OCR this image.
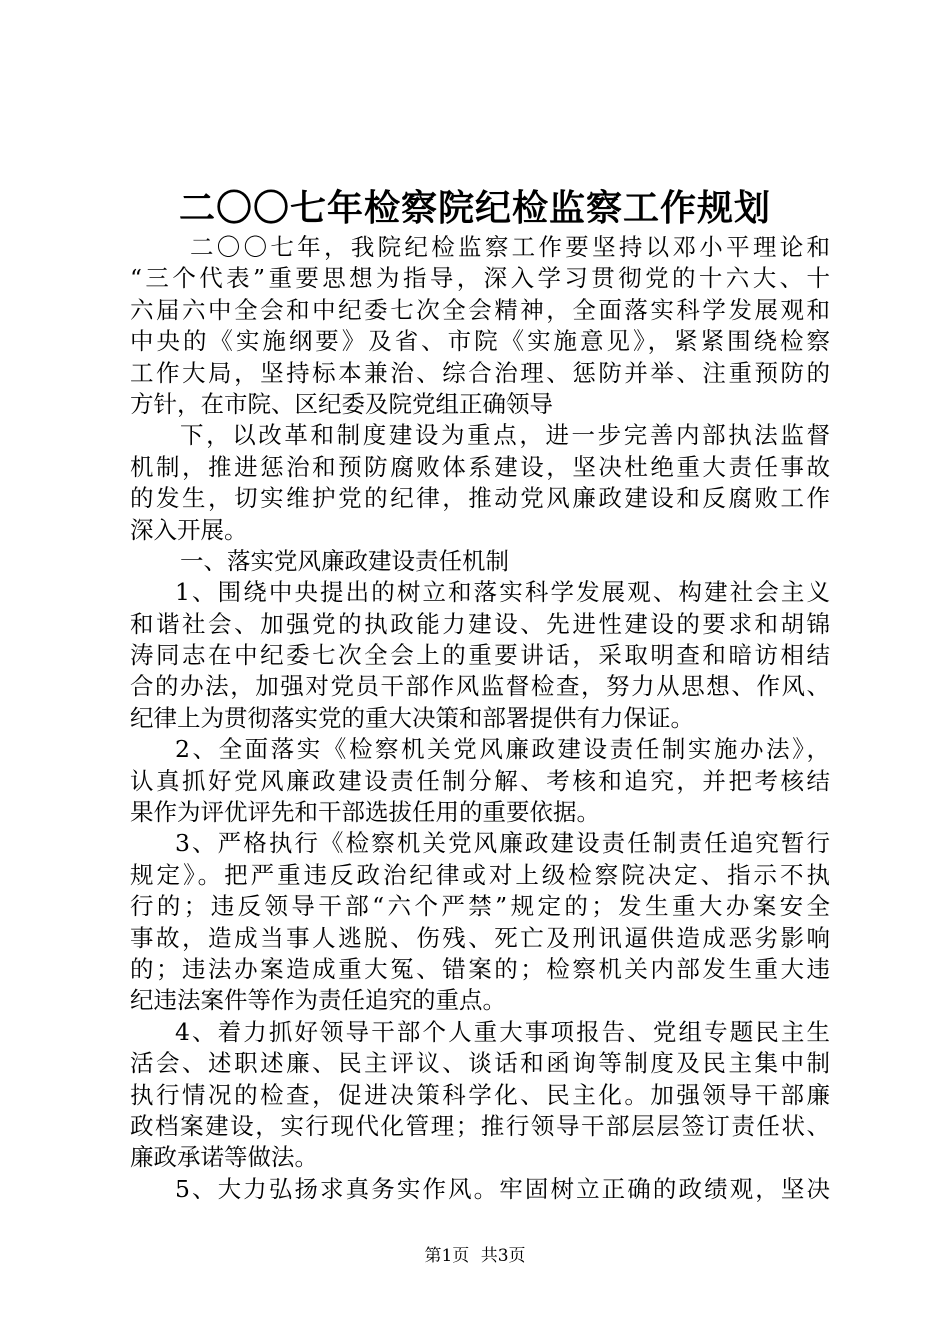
二〇〇七年检察院纪检监察工作规划
二〇〇七年，我院纪检监察工作要坚持以邓小平理论和
“三个代表”重要思想为指导，深入学习贯彻党的十六大、十
六届六中全会和中纪委七次全会精神，全面落实科学发展观和
中央的《实施纲要》及省、市院《实施意见》，紧紧围绕检察
工作大局，坚持标本兼治、综合治理、惩防并举、注重预防的
方针，在市院、区纪委及院党组正确领导
下，以改革和制度建设为重点，进一步完善内部执法监督
机制，推进惩治和预防腐败体系建设，坚决杜绝重大责任事故
的发生，切实维护党的纪律，推动党风廉政建设和反腐败工作
深入开展。
一、落实党风廉政建设责任机制
1、围绕中央提出的树立和落实科学发展观、构建社会主义
和谐社会、加强党的执政能力建设、先进性建设的要求和胡锦
涛同志在中纪委七次全会上的重要讲话，采取明查和暗访相结
合的办法，加强对党员干部作风监督检查，努力从思想、作风、
纪律上为贯彻落实党的重大决策和部署提供有力保证。
2、全面落实《检察机关党风廉政建设责任制实施办法》，
认真抓好党风廉政建设责任制分解、考核和追究，并把考核结
果作为评优评先和干部选拔任用的重要依据。
3、严格执行《检察机关党风廉政建设责任制责任追究暂行
规定》。把严重违反政治纪律或对上级检察院决定、指示不执
行的；违反领导干部“六个严禁”规定的；发生重大办案安全
事故，造成当事人逃脱、伤残、死亡及刑讯逼供造成恶劣影响
的；违法办案造成重大冤、错案的；检察机关内部发生重大违
纪违法案件等作为责任追究的重点。
4、着力抓好领导干部个人重大事项报告、党组专题民主生
活会、述职述廉、民主评议、谈话和函询等制度及民主集中制
执行情况的检查，促进决策科学化、民主化。加强领导干部廉
政档案建设，实行现代化管理；推行领导干部层层签订责任状、
廉政承诺等做法。
5、大力弘扬求真务实作风。牢固树立正确的政绩观，坚决
第1页 共3页
